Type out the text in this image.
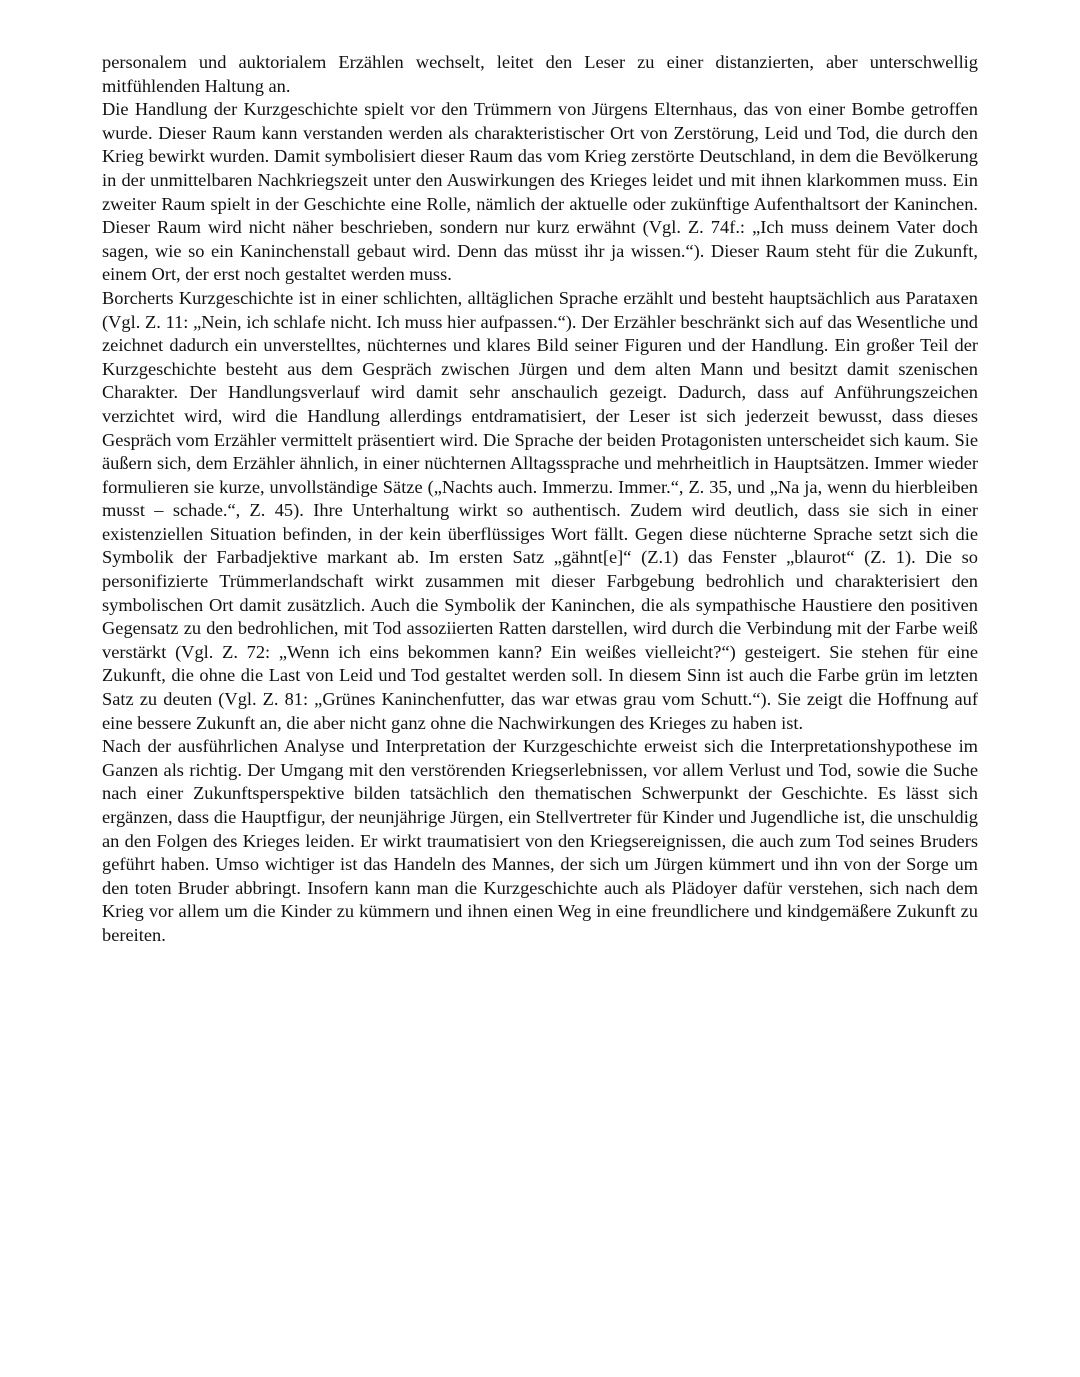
personalem und auktorialem Erzählen wechselt, leitet den Leser zu einer distanzierten, aber unterschwellig mitfühlenden Haltung an.

Die Handlung der Kurzgeschichte spielt vor den Trümmern von Jürgens Elternhaus, das von einer Bombe getroffen wurde. Dieser Raum kann verstanden werden als charakteristischer Ort von Zerstörung, Leid und Tod, die durch den Krieg bewirkt wurden. Damit symbolisiert dieser Raum das vom Krieg zerstörte Deutschland, in dem die Bevölkerung in der unmittelbaren Nachkriegszeit unter den Auswirkungen des Krieges leidet und mit ihnen klarkommen muss. Ein zweiter Raum spielt in der Geschichte eine Rolle, nämlich der aktuelle oder zukünftige Aufenthaltsort der Kaninchen. Dieser Raum wird nicht näher beschrieben, sondern nur kurz erwähnt (Vgl. Z. 74f.: „Ich muss deinem Vater doch sagen, wie so ein Kaninchenstall gebaut wird. Denn das müsst ihr ja wissen.“). Dieser Raum steht für die Zukunft, einem Ort, der erst noch gestaltet werden muss.

Borcherts Kurzgeschichte ist in einer schlichten, alltäglichen Sprache erzählt und besteht hauptsächlich aus Parataxen (Vgl. Z. 11: „Nein, ich schlafe nicht. Ich muss hier aufpassen.“). Der Erzähler beschränkt sich auf das Wesentliche und zeichnet dadurch ein unverstelltes, nüchternes und klares Bild seiner Figuren und der Handlung. Ein großer Teil der Kurzgeschichte besteht aus dem Gespräch zwischen Jürgen und dem alten Mann und besitzt damit szenischen Charakter. Der Handlungsverlauf wird damit sehr anschaulich gezeigt. Dadurch, dass auf Anführungszeichen verzichtet wird, wird die Handlung allerdings entdramatisiert, der Leser ist sich jederzeit bewusst, dass dieses Gespräch vom Erzähler vermittelt präsentiert wird. Die Sprache der beiden Protagonisten unterscheidet sich kaum. Sie äußern sich, dem Erzähler ähnlich, in einer nüchternen Alltagssprache und mehrheitlich in Hauptsätzen. Immer wieder formulieren sie kurze, unvollständige Sätze („Nachts auch. Immerzu. Immer.“, Z. 35, und „Na ja, wenn du hierbleiben musst – schade.“, Z. 45). Ihre Unterhaltung wirkt so authentisch. Zudem wird deutlich, dass sie sich in einer existenziellen Situation befinden, in der kein überflüssiges Wort fällt. Gegen diese nüchterne Sprache setzt sich die Symbolik der Farbadjektive markant ab. Im ersten Satz „gähnt[e]“ (Z.1) das Fenster „blaurot“ (Z. 1). Die so personifizierte Trümmerlandschaft wirkt zusammen mit dieser Farbgebung bedrohlich und charakterisiert den symbolischen Ort damit zusätzlich. Auch die Symbolik der Kaninchen, die als sympathische Haustiere den positiven Gegensatz zu den bedrohlichen, mit Tod assoziierten Ratten darstellen, wird durch die Verbindung mit der Farbe weiß verstärkt (Vgl. Z. 72: „Wenn ich eins bekommen kann? Ein weißes vielleicht?“) gesteigert. Sie stehen für eine Zukunft, die ohne die Last von Leid und Tod gestaltet werden soll. In diesem Sinn ist auch die Farbe grün im letzten Satz zu deuten (Vgl. Z. 81: „Grünes Kaninchenfutter, das war etwas grau vom Schutt.“). Sie zeigt die Hoffnung auf eine bessere Zukunft an, die aber nicht ganz ohne die Nachwirkungen des Krieges zu haben ist.

Nach der ausführlichen Analyse und Interpretation der Kurzgeschichte erweist sich die Interpretationshypothese im Ganzen als richtig. Der Umgang mit den verstörenden Kriegserlebnissen, vor allem Verlust und Tod, sowie die Suche nach einer Zukunftsperspektive bilden tatsächlich den thematischen Schwerpunkt der Geschichte. Es lässt sich ergänzen, dass die Hauptfigur, der neunjährige Jürgen, ein Stellvertreter für Kinder und Jugendliche ist, die unschuldig an den Folgen des Krieges leiden. Er wirkt traumatisiert von den Kriegsereignissen, die auch zum Tod seines Bruders geführt haben. Umso wichtiger ist das Handeln des Mannes, der sich um Jürgen kümmert und ihn von der Sorge um den toten Bruder abbringt. Insofern kann man die Kurzgeschichte auch als Plädoyer dafür verstehen, sich nach dem Krieg vor allem um die Kinder zu kümmern und ihnen einen Weg in eine freundlichere und kindgemäßere Zukunft zu bereiten.
